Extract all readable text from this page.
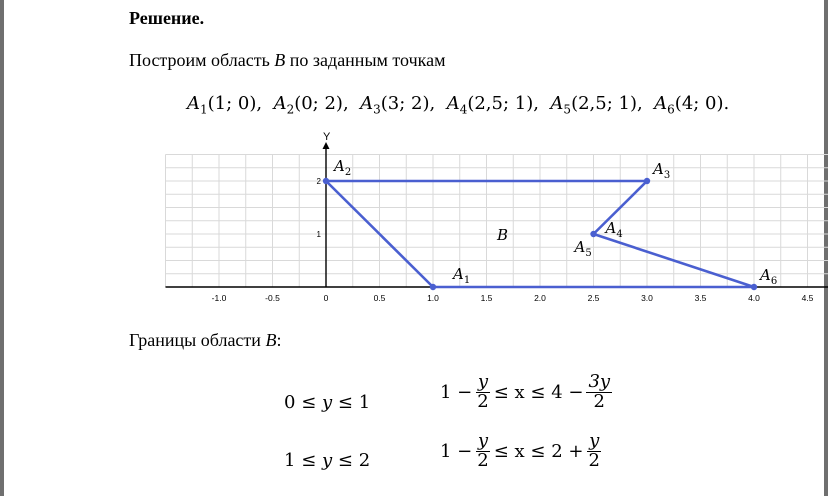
Решение.
Построим область B по заданным точкам
$A_1(1$; 0),  $A_2(0$; 2),  $A_3(3$; 2),  $A_4(2,5$; 1),  $A_5(2,5$; 1),  $A_6(4$; 0).
Y
-1.0	-0.5	0	0.5	1.0	1.5	2.0	2.5	3.0	3.5	4.0	4.5
1
2
$A_1$
$A_2$	$A_3$
$A_4$
$A_5$
$A_6$
B
Границы области B:
0 ≤ y ≤ 1	$1 - \frac{y}{2} \le x \le 4 - \frac{3y}{2}$
1 ≤ y ≤ 2	$1 - \frac{y}{2} \le x \le 2 + \frac{y}{2}$
